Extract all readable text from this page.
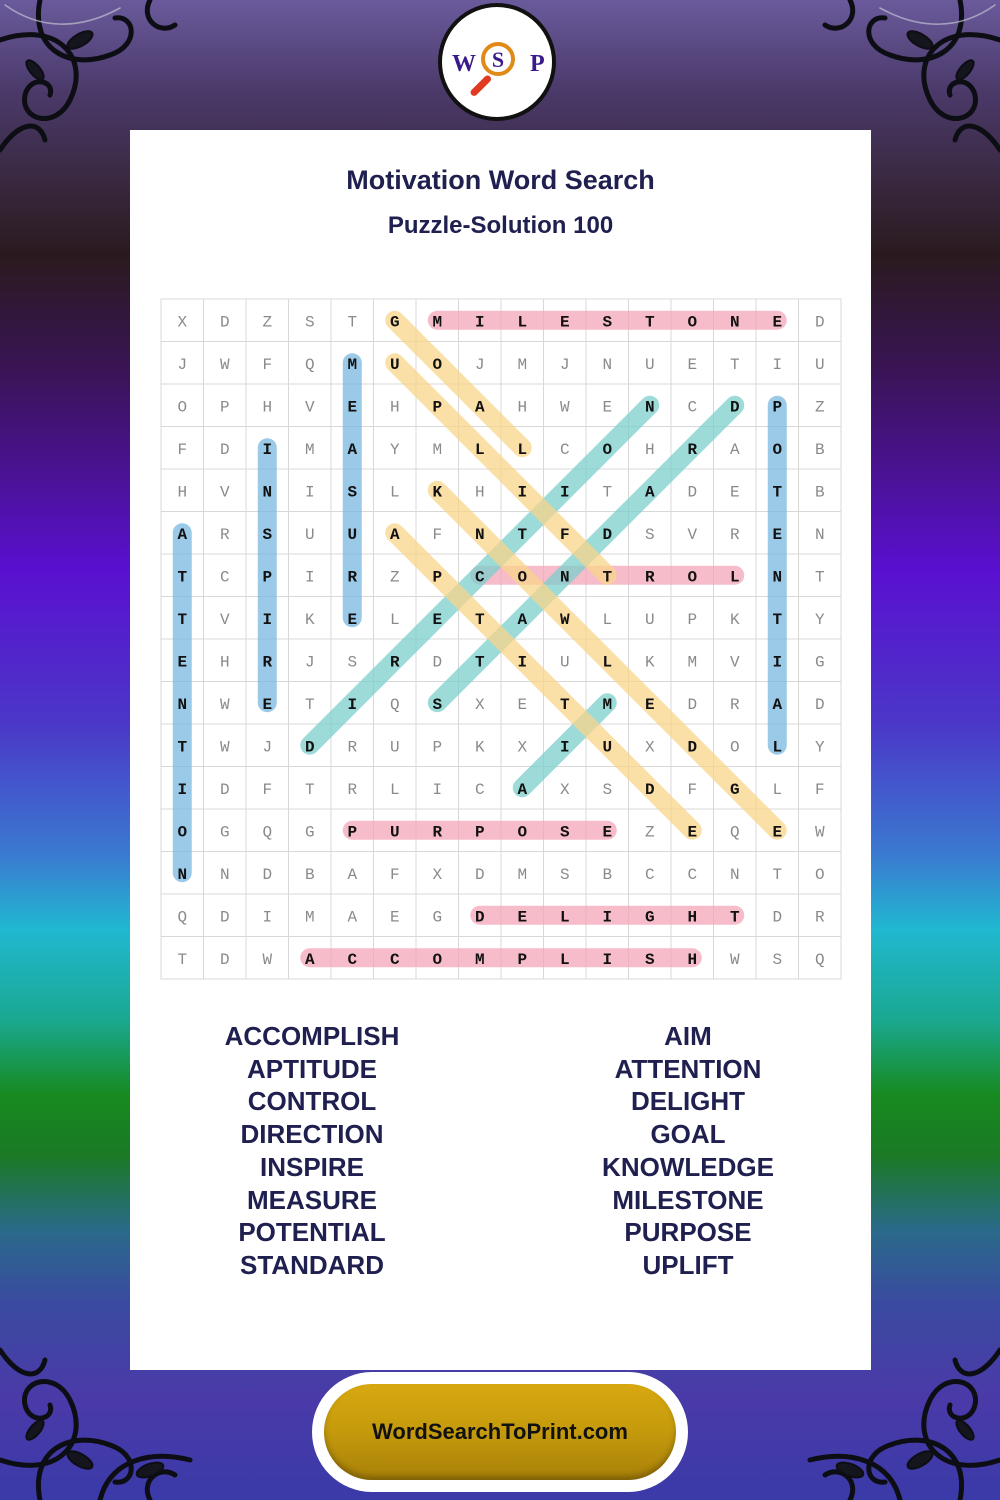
Motivation Word Search
Puzzle-Solution 100
X D Z S T G M I L E S T O N E D
J W F Q M U O J M J N U E T I U
O P H V E H P A H W E N C D P Z
F D I M A Y M L L C O H R A O B
H V N I S L K H I I T A D E T B
A R S U U A F N T F D S V R E N
T C P I R Z P C O N T R O L N T
T V I K E L E T A W L U P K T Y
E H R J S R D T I U L K M V I G
N W E T I Q S X E T M E D R A D
T W J D R U P K X I U X D O L Y
I D F T R L I C A X S D F G L F
O G Q G P U R P O S E Z E Q E W
N N D B A F X D M S B C C N T O
Q D I M A E G D E L I G H T D R
T D W A C C O M P L I S H W S Q
ACCOMPLISH
APTITUDE
CONTROL
DIRECTION
INSPIRE
MEASURE
POTENTIAL
STANDARD
AIM
ATTENTION
DELIGHT
GOAL
KNOWLEDGE
MILESTONE
PURPOSE
UPLIFT
W S	P
WordSearchToPrint.com
